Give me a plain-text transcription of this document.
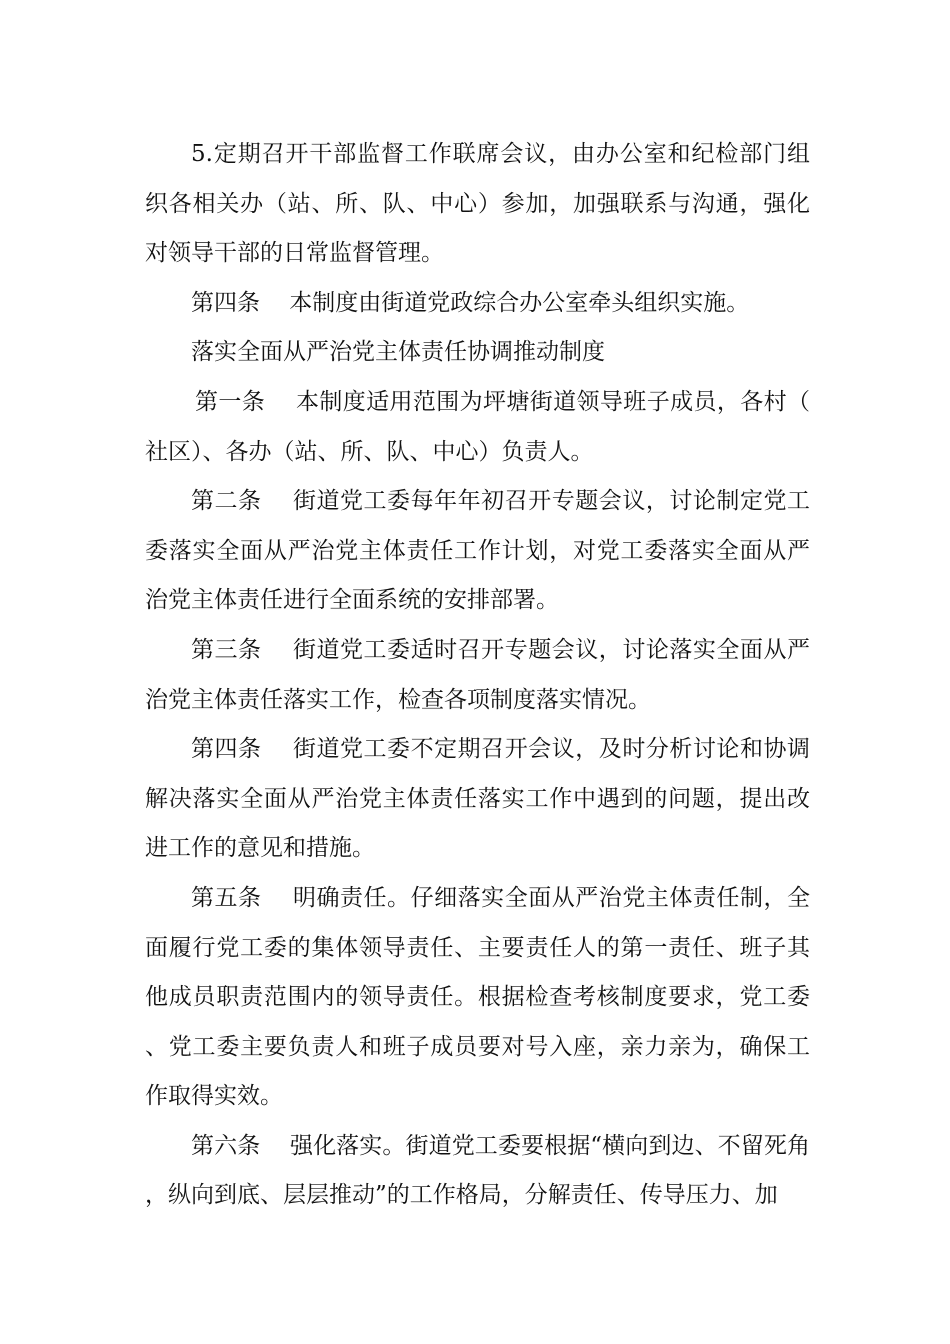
5.定期召开干部监督工作联席会议，由办公室和纪检部门组织各相关办（站、所、队、中心）参加，加强联系与沟通，强化对领导干部的日常监督管理。

第四条 本制度由街道党政综合办公室牵头组织实施。

落实全面从严治党主体责任协调推动制度

第一条 本制度适用范围为坪塘街道领导班子成员，各村（社区）、各办（站、所、队、中心）负责人。

第二条 街道党工委每年年初召开专题会议，讨论制定党工委落实全面从严治党主体责任工作计划，对党工委落实全面从严治党主体责任进行全面系统的安排部署。

第三条 街道党工委适时召开专题会议，讨论落实全面从严治党主体责任落实工作，检查各项制度落实情况。

第四条 街道党工委不定期召开会议，及时分析讨论和协调解决落实全面从严治党主体责任落实工作中遇到的问题，提出改进工作的意见和措施。

第五条 明确责任。仔细落实全面从严治党主体责任制，全面履行党工委的集体领导责任、主要责任人的第一责任、班子其他成员职责范围内的领导责任。根据检查考核制度要求，党工委、党工委主要负责人和班子成员要对号入座，亲力亲为，确保工作取得实效。

第六条 强化落实。街道党工委要根据“横向到边、不留死角，纵向到底、层层推动”的工作格局，分解责任、传导压力、加
